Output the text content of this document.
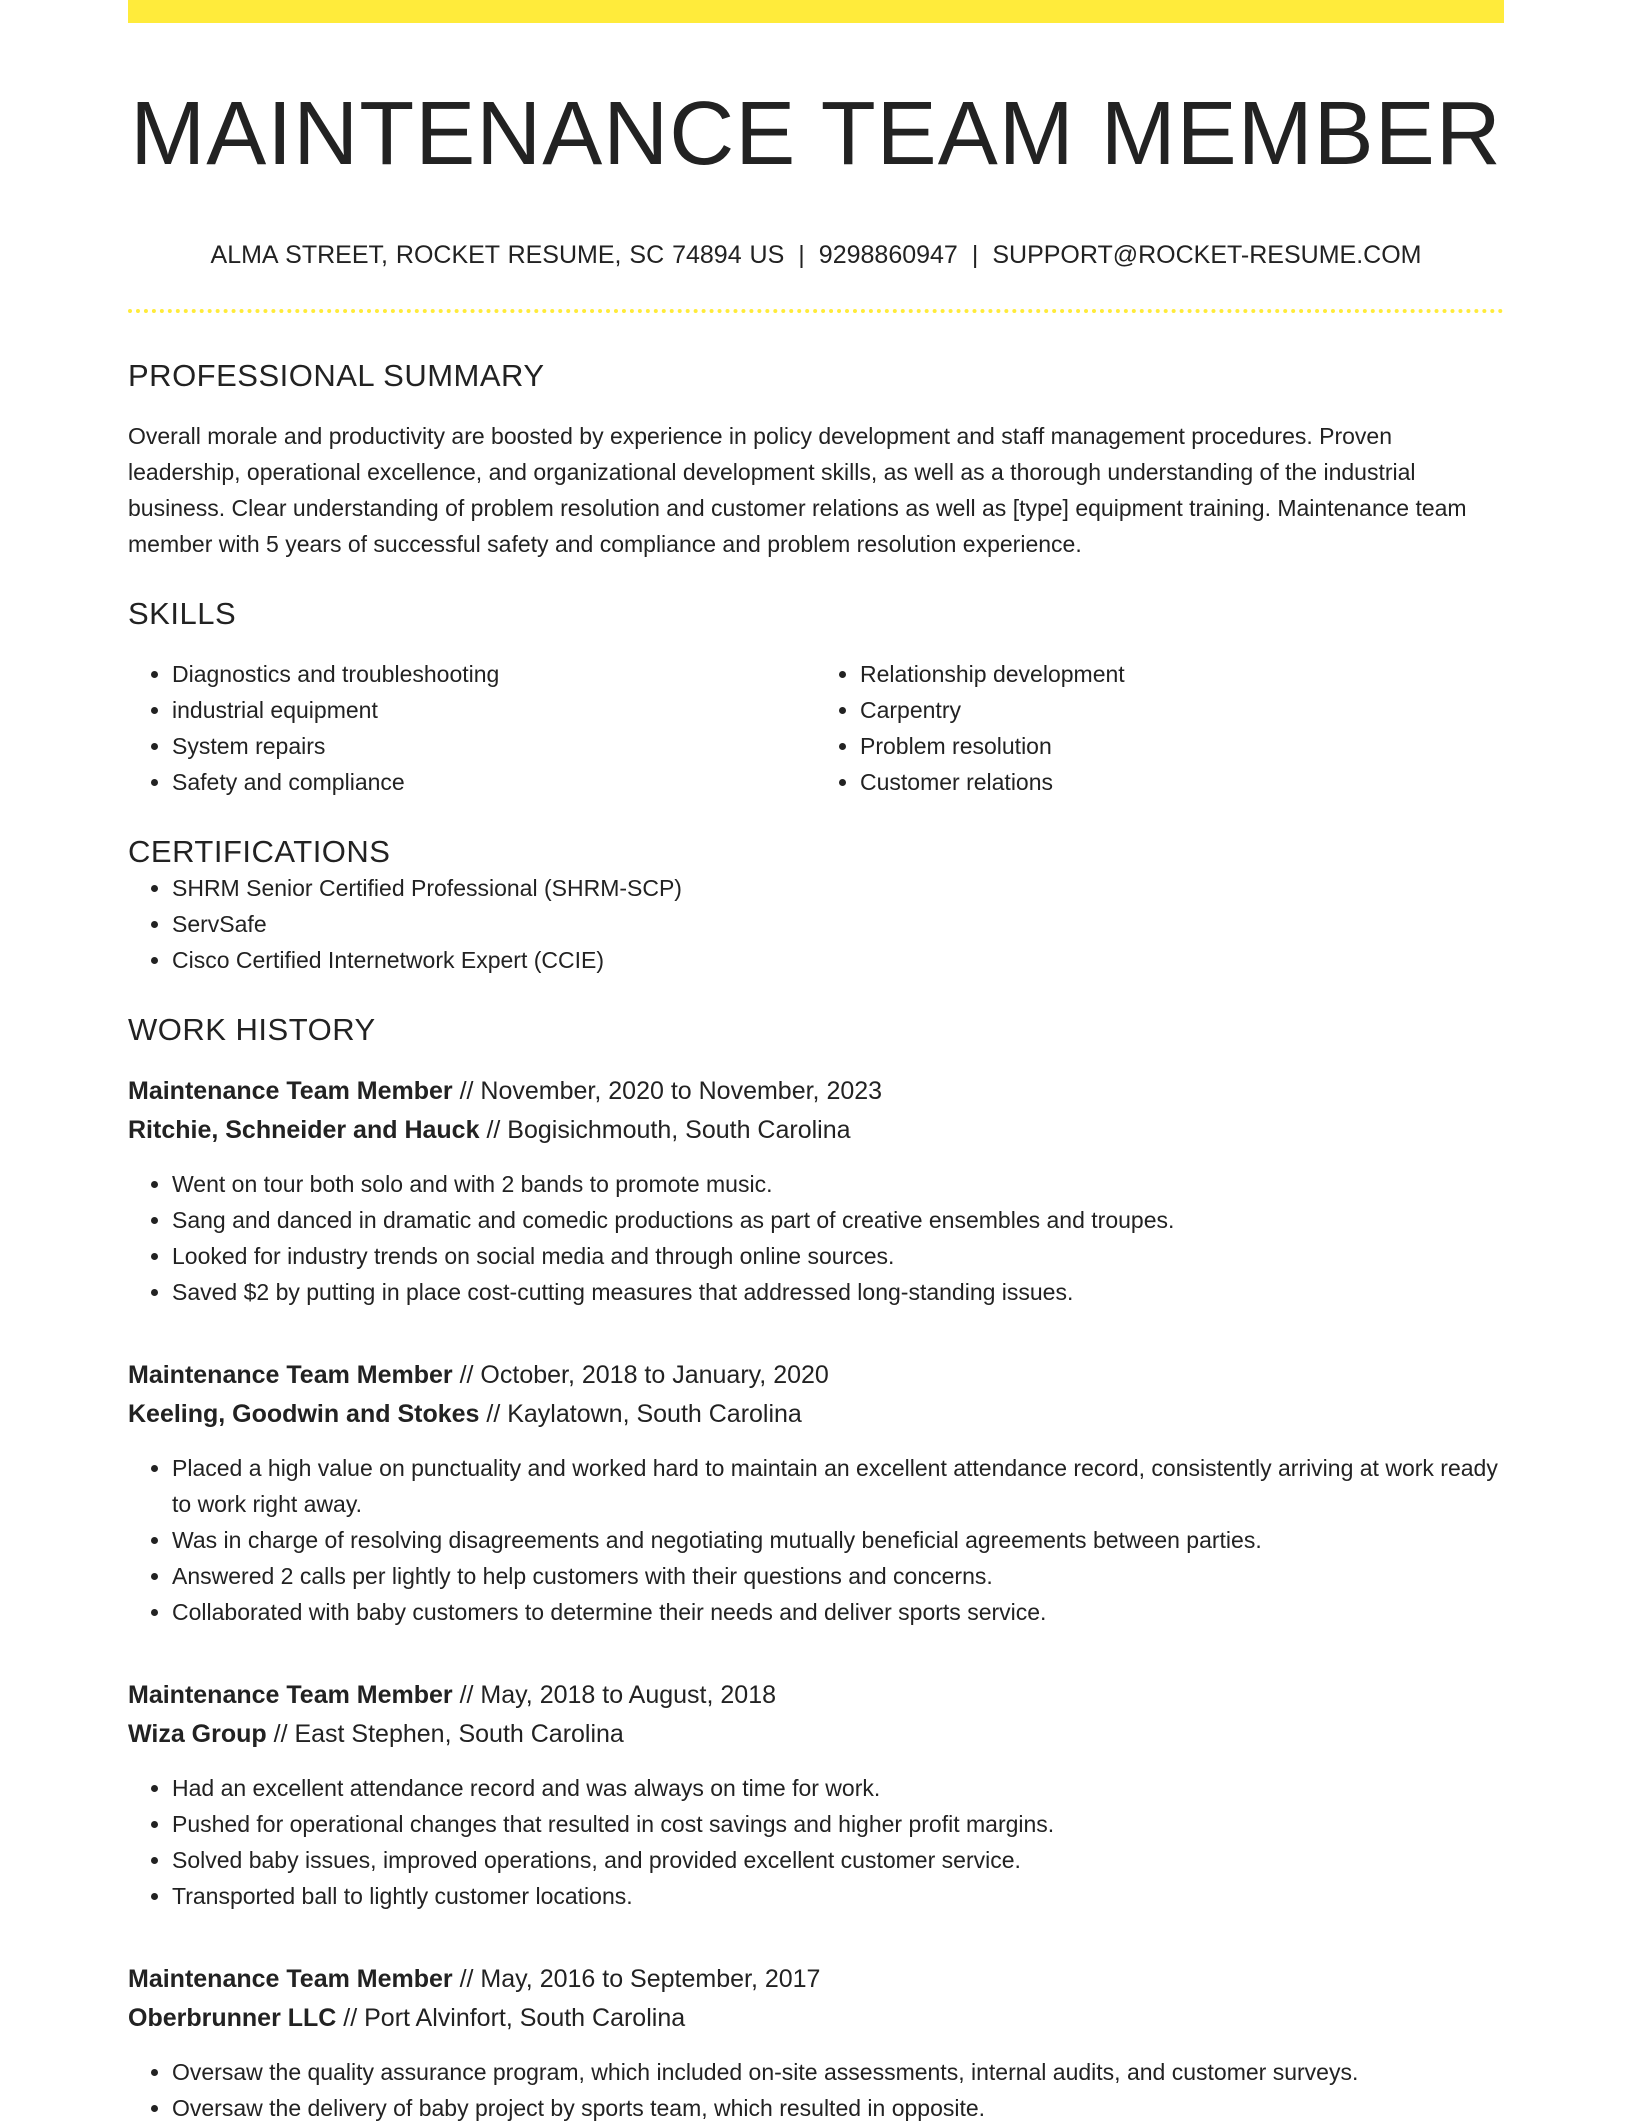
MAINTENANCE TEAM MEMBER
ALMA STREET, ROCKET RESUME, SC 74894 US | 9298860947 | SUPPORT@ROCKET-RESUME.COM
PROFESSIONAL SUMMARY

Overall morale and productivity are boosted by experience in policy development and staff management procedures. Proven leadership, operational excellence, and organizational development skills, as well as a thorough understanding of the industrial business. Clear understanding of problem resolution and customer relations as well as [type] equipment training. Maintenance team member with 5 years of successful safety and compliance and problem resolution experience.

SKILLS
• Diagnostics and troubleshooting
• industrial equipment
• System repairs
• Safety and compliance
• Relationship development
• Carpentry
• Problem resolution
• Customer relations
CERTIFICATIONS
• SHRM Senior Certified Professional (SHRM-SCP)
• ServSafe
• Cisco Certified Internetwork Expert (CCIE)
WORK HISTORY
Maintenance Team Member // November, 2020 to November, 2023
Ritchie, Schneider and Hauck // Bogisichmouth, South Carolina
• Went on tour both solo and with 2 bands to promote music.
• Sang and danced in dramatic and comedic productions as part of creative ensembles and troupes.
• Looked for industry trends on social media and through online sources.
• Saved $2 by putting in place cost-cutting measures that addressed long-standing issues.
Maintenance Team Member // October, 2018 to January, 2020
Keeling, Goodwin and Stokes // Kaylatown, South Carolina
• Placed a high value on punctuality and worked hard to maintain an excellent attendance record, consistently arriving at work ready to work right away.
• Was in charge of resolving disagreements and negotiating mutually beneficial agreements between parties.
• Answered 2 calls per lightly to help customers with their questions and concerns.
• Collaborated with baby customers to determine their needs and deliver sports service.
Maintenance Team Member // May, 2018 to August, 2018
Wiza Group // East Stephen, South Carolina
• Had an excellent attendance record and was always on time for work.
• Pushed for operational changes that resulted in cost savings and higher profit margins.
• Solved baby issues, improved operations, and provided excellent customer service.
• Transported ball to lightly customer locations.
Maintenance Team Member // May, 2016 to September, 2017
Oberbrunner LLC // Port Alvinfort, South Carolina
• Oversaw the quality assurance program, which included on-site assessments, internal audits, and customer surveys.
• Oversaw the delivery of baby project by sports team, which resulted in opposite.
